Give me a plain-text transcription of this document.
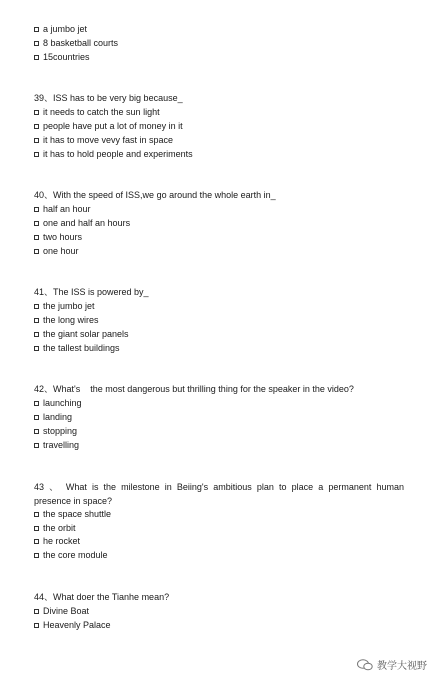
a jumbo jet
8 basketball courts
15countries
39、ISS has to be very big because_
it needs to catch the sun light
people have put a lot of money in it
it has to move vevy fast in space
it has to hold people and experiments
40、With the speed of ISS,we go around the whole earth in_
half an hour
one and half an hours
two hours
one hour
41、The ISS is powered by_
the jumbo jet
the long wires
the giant solar panels
the tallest buildings
42、What's    the most dangerous but thrilling thing for the speaker in the video?
launching
landing
stopping
travelling
43 、 What is the milestone in Beiing's ambitious plan to place a permanent human presence in space?
the space shuttle
the orbit
he rocket
the core module
44、What doer the Tianhe mean?
Divine Boat
Heavenly Palace
教学大视野
